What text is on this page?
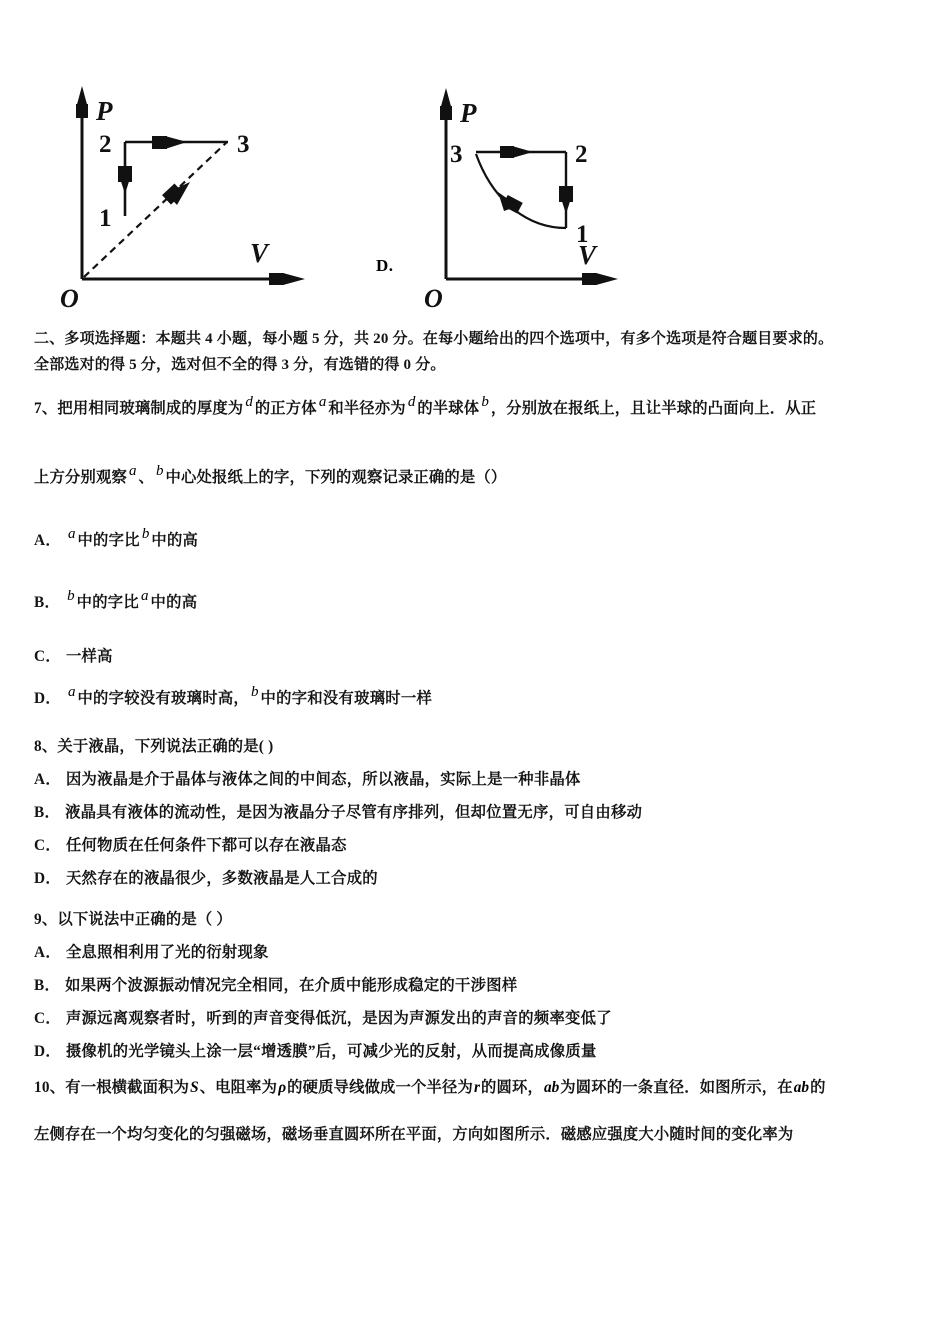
P
V
O
2
1
3
D.
P
V
O
3	2
1
二、多项选择题：本题共 4 小题，每小题 5 分，共 20 分。在每小题给出的四个选项中，有多个选项是符合题目要求的。
全部选对的得 5 分，选对但不全的得 3 分，有选错的得 0 分。
7、把用相同玻璃制成的厚度为 d 的正方体 a 和半径亦为 d 的半球体 b ，分别放在报纸上，且让半球的凸面向上．从正
上方分别观察 a 、 b 中心处报纸上的字，下列的观察记录正确的是（）
A． a 中的字比 b 中的高
B． b 中的字比 a 中的高
C． 一样高
D． a 中的字较没有玻璃时高， b 中的字和没有玻璃时一样
8、关于液晶，下列说法正确的是( )
A． 因为液晶是介于晶体与液体之间的中间态，所以液晶，实际上是一种非晶体
B． 液晶具有液体的流动性，是因为液晶分子尽管有序排列，但却位置无序，可自由移动
C． 任何物质在任何条件下都可以存在液晶态
D． 天然存在的液晶很少，多数液晶是人工合成的
9、以下说法中正确的是（ ）
A． 全息照相利用了光的衍射现象
B． 如果两个波源振动情况完全相同，在介质中能形成稳定的干涉图样
C． 声源远离观察者时，听到的声音变得低沉，是因为声源发出的声音的频率变低了
D． 摄像机的光学镜头上涂一层“增透膜”后，可减少光的反射，从而提高成像质量
10、有一根横截面积为S、电阻率为ρ的硬质导线做成一个半径为r的圆环，ab为圆环的一条直径．如图所示，在ab的
左侧存在一个均匀变化的匀强磁场，磁场垂直圆环所在平面，方向如图所示．磁感应强度大小随时间的变化率为
